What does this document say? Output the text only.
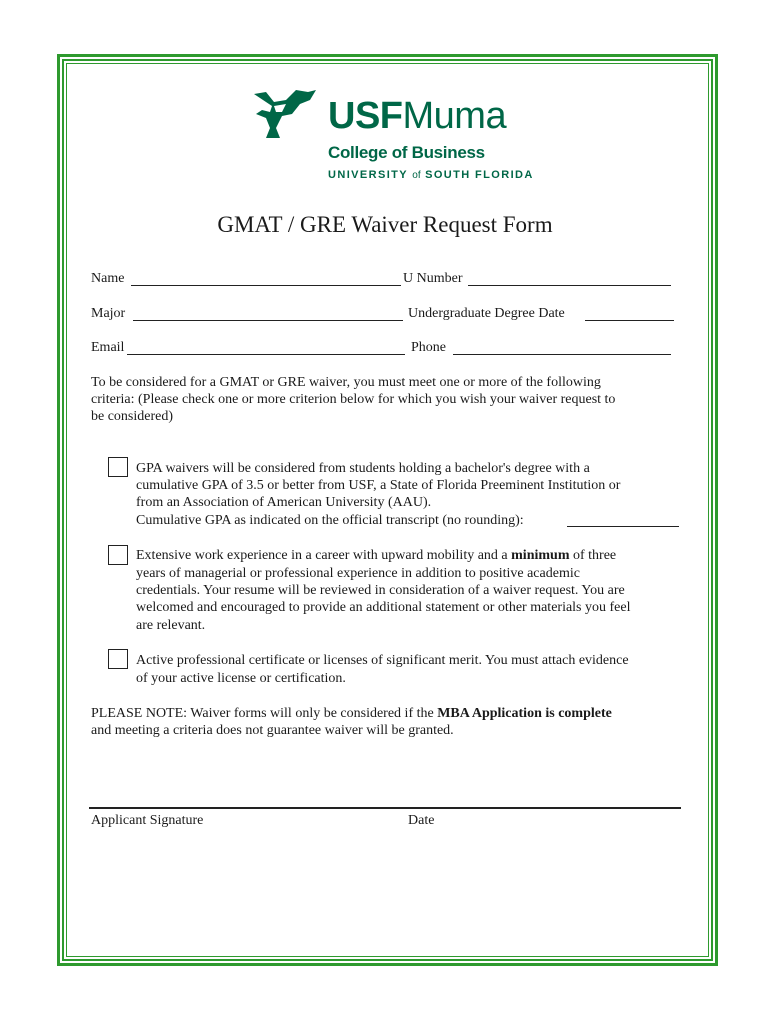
USFMuma
College of Business
UNIVERSITY of SOUTH FLORIDA
GMAT / GRE Waiver Request Form
Name	U Number
Major	Undergraduate Degree Date
Email	Phone
To be considered for a GMAT or GRE waiver, you must meet one or more of the following
criteria: (Please check one or more criterion below for which you wish your waiver request to
be considered)
GPA waivers will be considered from students holding a bachelor's degree with a
cumulative GPA of 3.5 or better from USF, a State of Florida Preeminent Institution or
from an Association of American University (AAU).
Cumulative GPA as indicated on the official transcript (no rounding):
Extensive work experience in a career with upward mobility and a minimum of three
years of managerial or professional experience in addition to positive academic
credentials. Your resume will be reviewed in consideration of a waiver request. You are
welcomed and encouraged to provide an additional statement or other materials you feel
are relevant.
Active professional certificate or licenses of significant merit. You must attach evidence
of your active license or certification.
PLEASE NOTE: Waiver forms will only be considered if the MBA Application is complete
and meeting a criteria does not guarantee waiver will be granted.
Applicant Signature	Date
